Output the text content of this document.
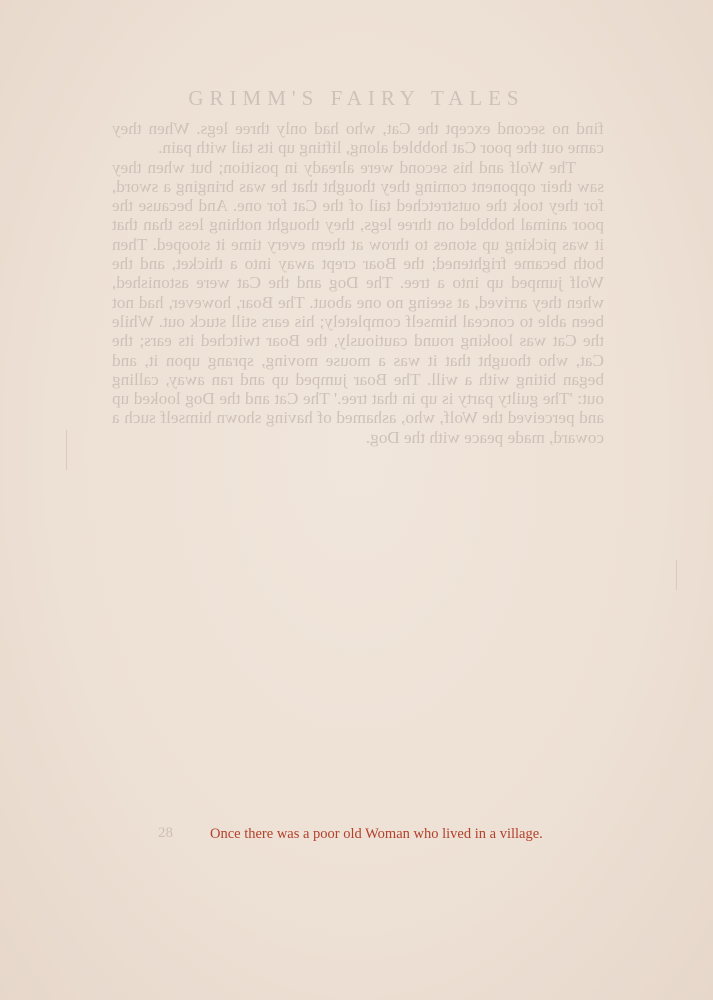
GRIMM'S FAIRY TALES

find no second except the Cat, who had only three legs. When they came out the poor Cat hobbled along, lifting up its tail with pain.

The Wolf and his second were already in position; but when they saw their opponent coming they thought that he was bringing a sword, for they took the outstretched tail of the Cat for one. And because the poor animal hobbled on three legs, they thought nothing less than that it was picking up stones to throw at them every time it stooped. Then both became frightened; the Boar crept away into a thicket, and the Wolf jumped up into a tree. The Dog and the Cat were astonished, when they arrived, at seeing no one about. The Boar, however, had not been able to conceal himself completely; his ears still stuck out. While the Cat was looking round cautiously, the Boar twitched its ears; the Cat, who thought that it was a mouse moving, sprang upon it, and began biting with a will. The Boar jumped up and ran away, calling out: 'The guilty party is up in that tree.' The Cat and the Dog looked up and perceived the Wolf, who, ashamed of having shown himself such a coward, made peace with the Dog.

28	Once there was a poor old Woman who lived in a village.
